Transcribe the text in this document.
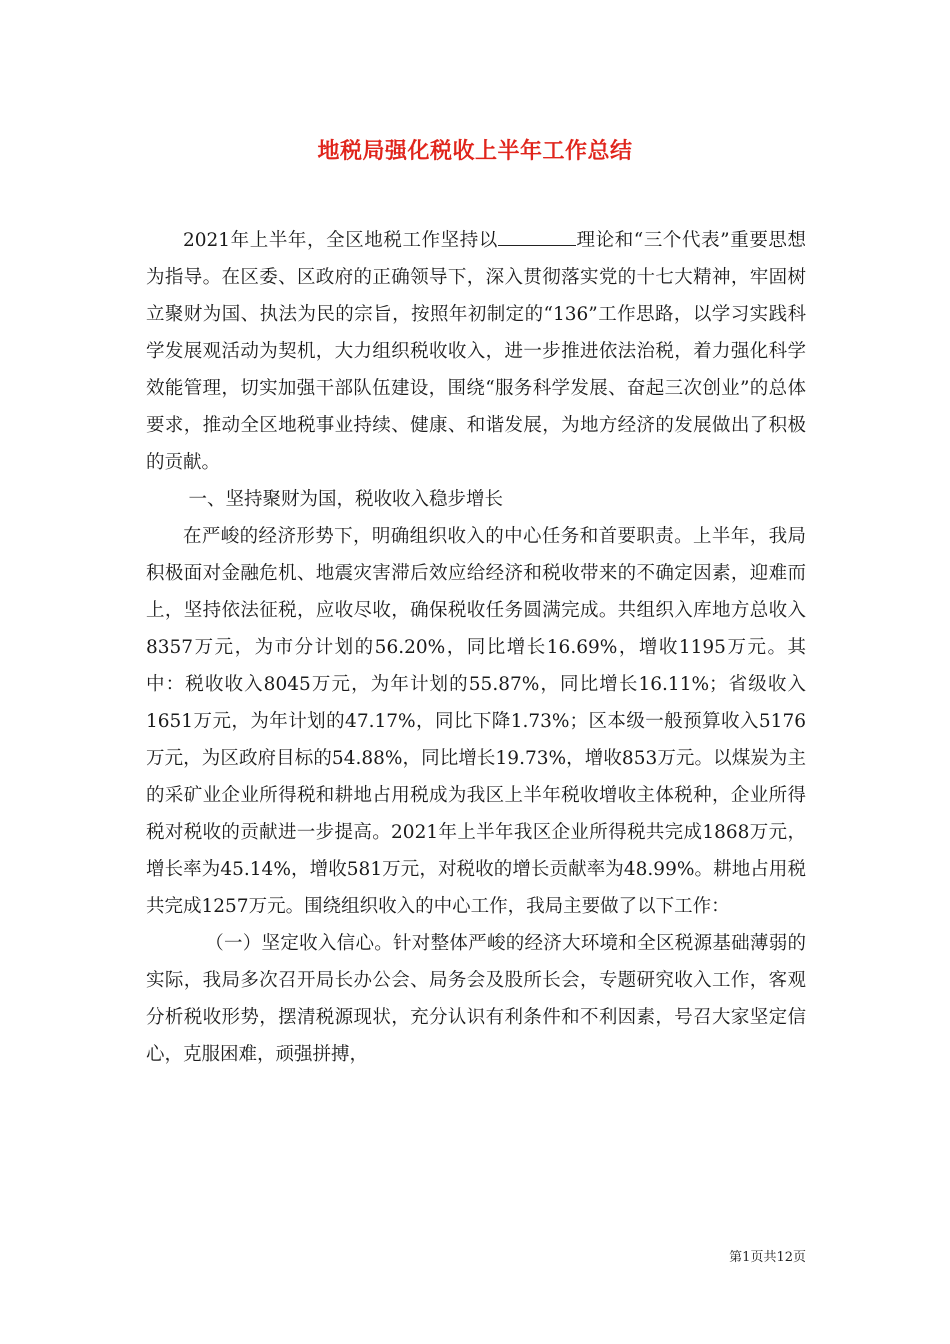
地税局强化税收上半年工作总结

2021年上半年，全区地税工作坚持以	理论和“三个代表”重要思想为指导。在区委、区政府的正确领导下，深入贯彻落实党的十七大精神，牢固树立聚财为国、执法为民的宗旨，按照年初制定的“136”工作思路，以学习实践科学发展观活动为契机，大力组织税收收入，进一步推进依法治税，着力强化科学效能管理，切实加强干部队伍建设，围绕“服务科学发展、奋起三次创业”的总体要求，推动全区地税事业持续、健康、和谐发展，为地方经济的发展做出了积极的贡献。

一、坚持聚财为国，税收收入稳步增长

在严峻的经济形势下，明确组织收入的中心任务和首要职责。上半年，我局积极面对金融危机、地震灾害滞后效应给经济和税收带来的不确定因素，迎难而上，坚持依法征税，应收尽收，确保税收任务圆满完成。共组织入库地方总收入8357万元，为市分计划的56.20%，同比增长16.69%，增收1195万元。其中：税收收入8045万元，为年计划的55.87%，同比增长16.11%；省级收入1651万元，为年计划的47.17%，同比下降1.73%；区本级一般预算收入5176万元，为区政府目标的54.88%，同比增长19.73%，增收853万元。以煤炭为主的采矿业企业所得税和耕地占用税成为我区上半年税收增收主体税种，企业所得税对税收的贡献进一步提高。2021年上半年我区企业所得税共完成1868万元，增长率为45.14%，增收581万元，对税收的增长贡献率为48.99%。耕地占用税共完成1257万元。围绕组织收入的中心工作，我局主要做了以下工作：

（一）坚定收入信心。针对整体严峻的经济大环境和全区税源基础薄弱的实际，我局多次召开局长办公会、局务会及股所长会，专题研究收入工作，客观分析税收形势，摆清税源现状，充分认识有利条件和不利因素，号召大家坚定信心，克服困难，顽强拼搏，

第1页共12页
